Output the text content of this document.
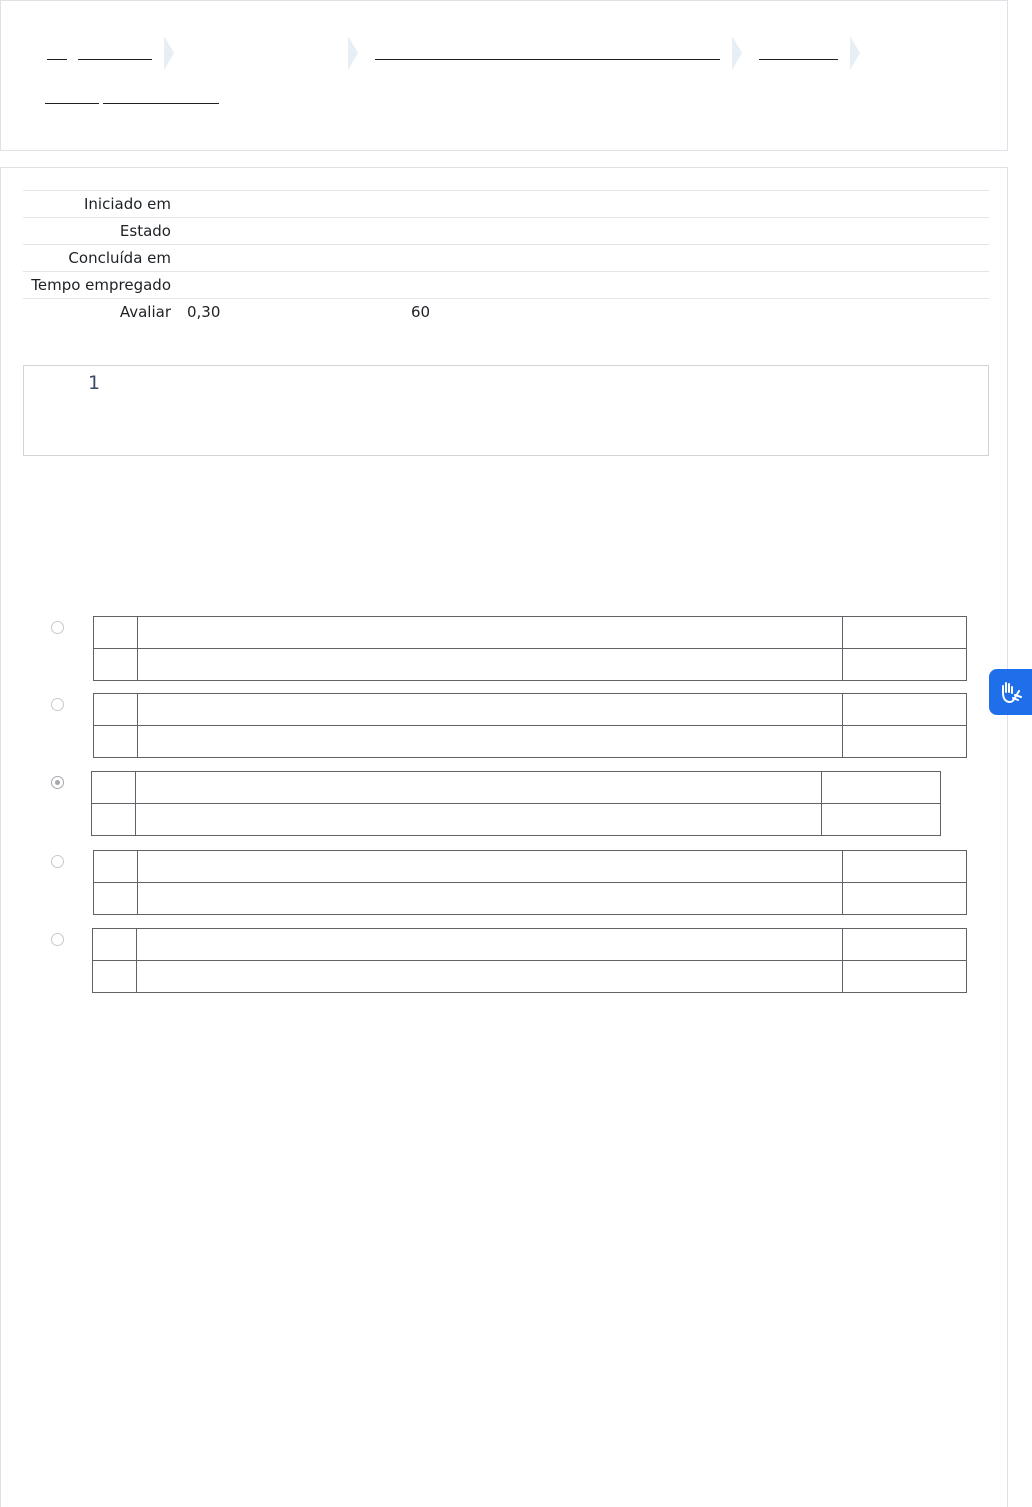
Iniciado em
Estado
Concluída em
Tempo empregado
Avaliar 0,30	60
1
